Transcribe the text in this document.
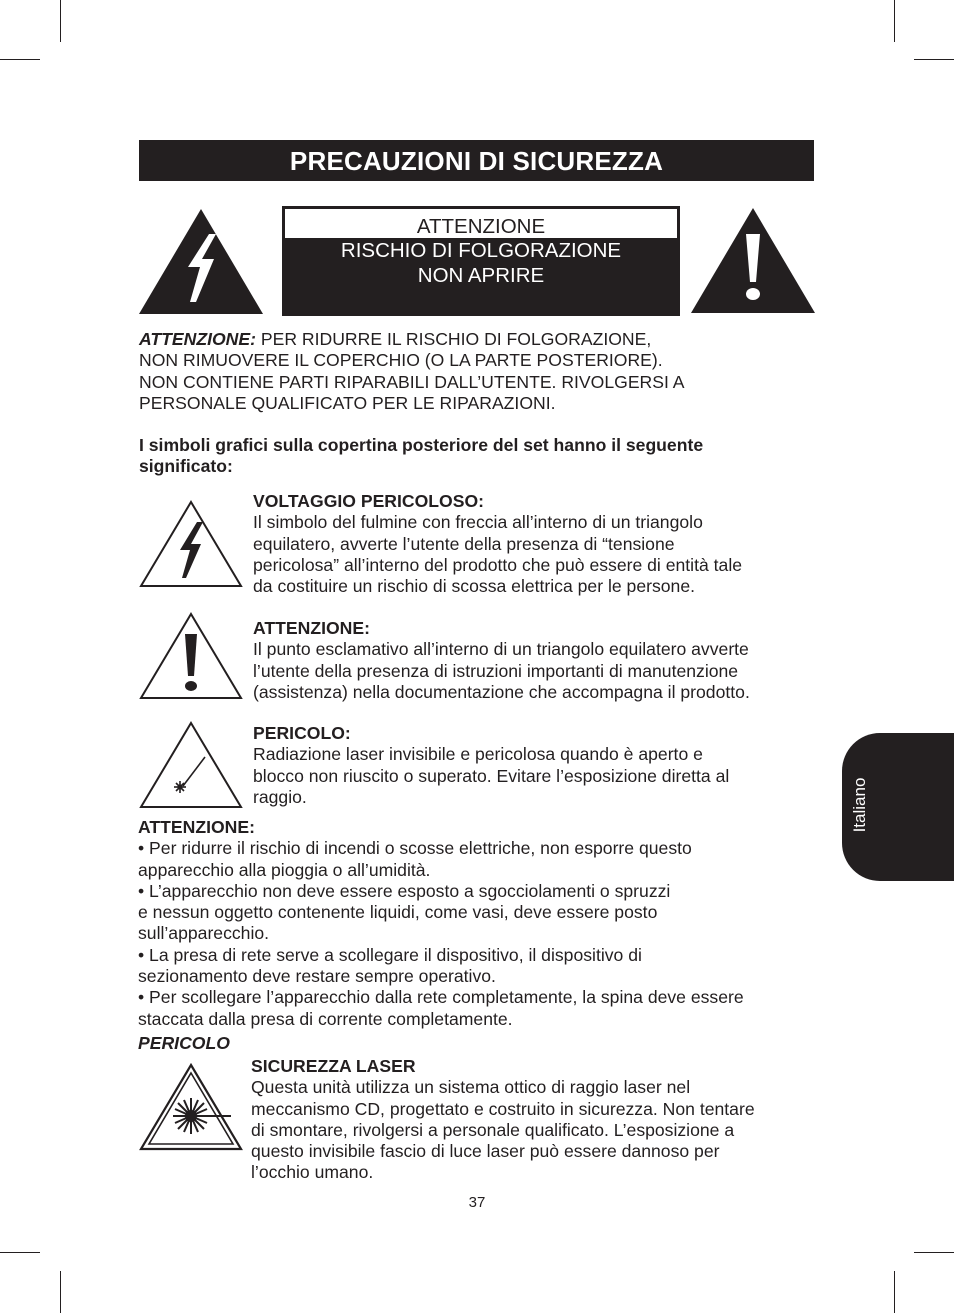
PRECAUZIONI DI SICUREZZA
ATTENZIONE
RISCHIO DI FOLGORAZIONE
NON APRIRE

ATTENZIONE: PER RIDURRE IL RISCHIO DI FOLGORAZIONE,

NON RIMUOVERE IL COPERCHIO (O LA PARTE POSTERIORE).

NON CONTIENE PARTI RIPARABILI DALL’UTENTE. RIVOLGERSI A

PERSONALE QUALIFICATO PER LE RIPARAZIONI.

I simboli grafici sulla copertina posteriore del set hanno il seguente

significato:

VOLTAGGIO PERICOLOSO:

Il simbolo del fulmine con freccia all’interno di un triangolo

equilatero, avverte l’utente della presenza di “tensione

pericolosa” all’interno del prodotto che può essere di entità tale

da costituire un rischio di scossa elettrica per le persone.

ATTENZIONE:

Il punto esclamativo all’interno di un triangolo equilatero avverte

l’utente della presenza di istruzioni importanti di manutenzione

(assistenza) nella documentazione che accompagna il prodotto.

PERICOLO:

Radiazione laser invisibile e pericolosa quando è aperto e

blocco non riuscito o superato. Evitare l’esposizione diretta al

raggio.

ATTENZIONE:

• Per ridurre il rischio di incendi o scosse elettriche, non esporre questo

apparecchio alla pioggia o all’umidità.

• L’apparecchio non deve essere esposto a sgocciolamenti o spruzzi

e nessun oggetto contenente liquidi, come vasi, deve essere posto

sull’apparecchio.

• La presa di rete serve a scollegare il dispositivo, il dispositivo di

sezionamento deve restare sempre operativo.

• Per scollegare l’apparecchio dalla rete completamente, la spina deve essere

staccata dalla presa di corrente completamente.

PERICOLO

SICUREZZA LASER

Questa unità utilizza un sistema ottico di raggio laser nel

meccanismo CD, progettato e costruito in sicurezza. Non tentare

di smontare, rivolgersi a personale qualificato. L’esposizione a

questo invisibile fascio di luce laser può essere dannoso per

l’occhio umano.

Italiano
37
